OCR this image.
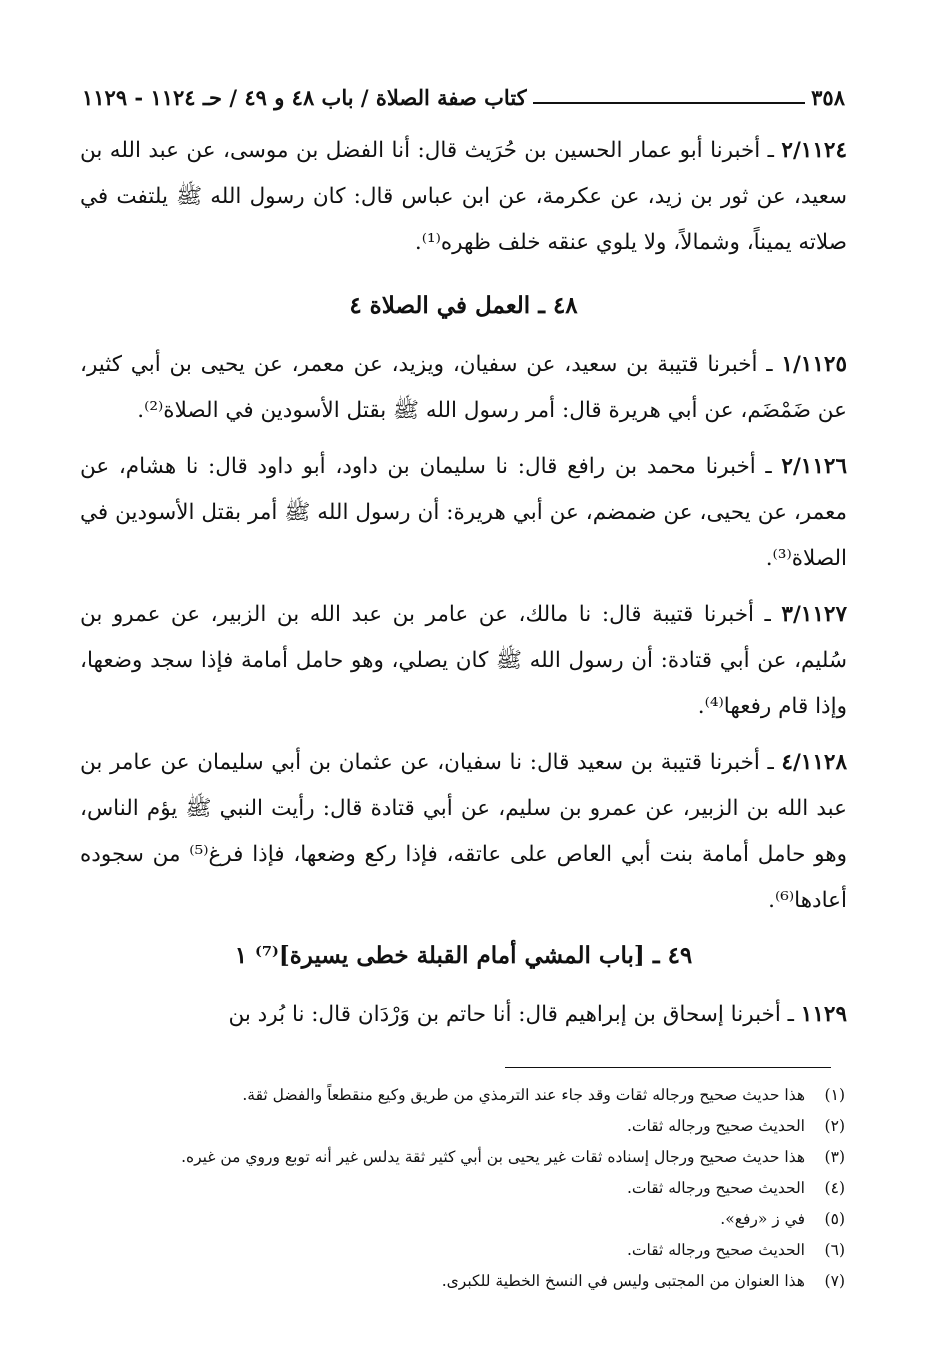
٣٥٨
كتاب صفة الصلاة / باب ٤٨ و ٤٩ / حـ ١١٢٤ - ١١٢٩

٢/١١٢٤ ـ أخبرنا أبو عمار الحسين بن حُرَيث قال: أنا الفضل بن موسى، عن عبد الله بن سعيد، عن ثور بن زيد، عن عكرمة، عن ابن عباس قال: كان رسول الله ﷺ يلتفت في صلاته يميناً، وشمالاً، ولا يلوي عنقه خلف ظهره⁽¹⁾.

٤٨ ـ العمل في الصلاة ٤

١/١١٢٥ ـ أخبرنا قتيبة بن سعيد، عن سفيان، ويزيد، عن معمر، عن يحيى بن أبي كثير، عن ضَمْضَم، عن أبي هريرة قال: أمر رسول الله ﷺ بقتل الأسودين في الصلاة⁽²⁾.

٢/١١٢٦ ـ أخبرنا محمد بن رافع قال: نا سليمان بن داود، أبو داود قال: نا هشام، عن معمر، عن يحيى، عن ضمضم، عن أبي هريرة: أن رسول الله ﷺ أمر بقتل الأسودين في الصلاة⁽³⁾.

٣/١١٢٧ ـ أخبرنا قتيبة قال: نا مالك، عن عامر بن عبد الله بن الزبير، عن عمرو بن سُليم، عن أبي قتادة: أن رسول الله ﷺ كان يصلي، وهو حامل أمامة فإذا سجد وضعها، وإذا قام رفعها⁽⁴⁾.

٤/١١٢٨ ـ أخبرنا قتيبة بن سعيد قال: نا سفيان، عن عثمان بن أبي سليمان عن عامر بن عبد الله بن الزبير، عن عمرو بن سليم، عن أبي قتادة قال: رأيت النبي ﷺ يؤم الناس، وهو حامل أمامة بنت أبي العاص على عاتقه، فإذا ركع وضعها، فإذا فرغ⁽⁵⁾ من سجوده أعادها⁽⁶⁾.

٤٩ ـ [باب المشي أمام القبلة خطى يسيرة]⁽⁷⁾ ١

١١٢٩ ـ أخبرنا إسحاق بن إبراهيم قال: أنا حاتم بن وَرْدَان قال: نا بُرد بن

(١)
هذا حديث صحيح ورجاله ثقات وقد جاء عند الترمذي من طريق وكيع منقطعاً والفضل ثقة.
(٢)
الحديث صحيح ورجاله ثقات.
(٣)
هذا حديث صحيح ورجال إسناده ثقات غير يحيى بن أبي كثير ثقة يدلس غير أنه توبع وروي من غيره.
(٤)
الحديث صحيح ورجاله ثقات.
(٥)
في ز «رفع».
(٦)
الحديث صحيح ورجاله ثقات.
(٧)
هذا العنوان من المجتبى وليس في النسخ الخطية للكبرى.
